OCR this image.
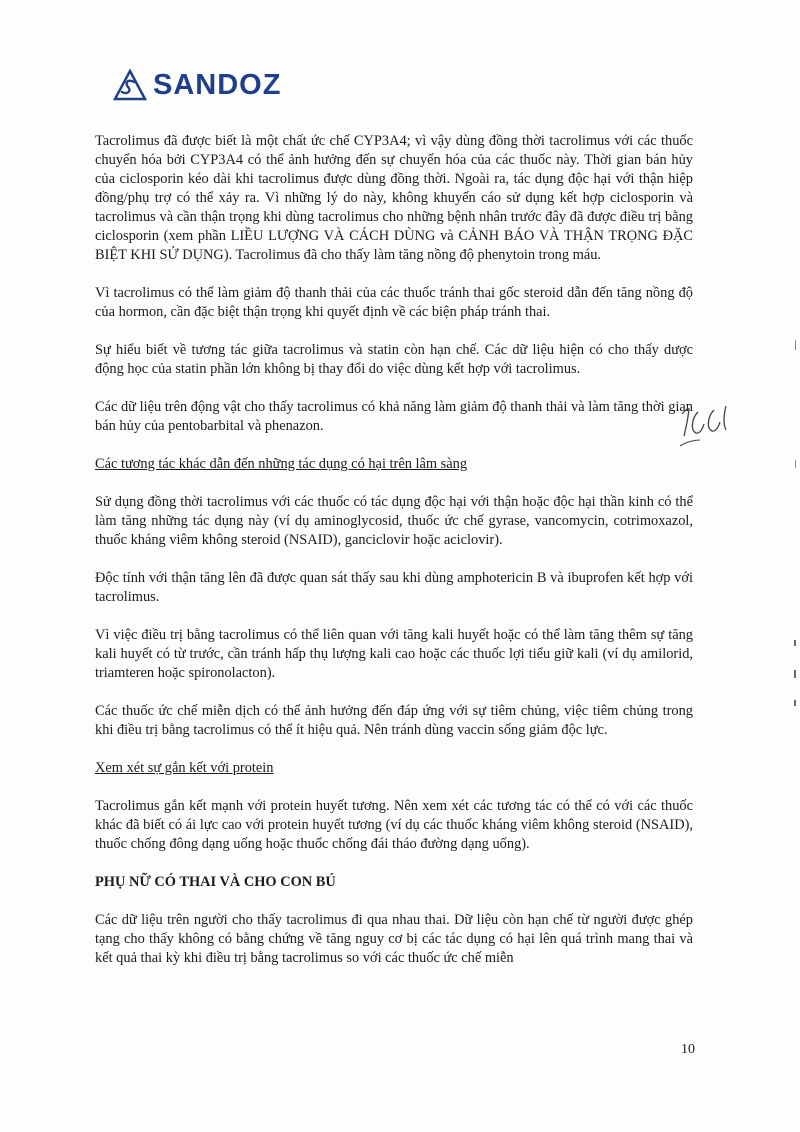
SANDOZ

Tacrolimus đã được biết là một chất ức chế CYP3A4; vì vậy dùng đồng thời tacrolimus với các thuốc chuyển hóa bởi CYP3A4 có thể ảnh hưởng đến sự chuyển hóa của các thuốc này. Thời gian bán hủy của ciclosporin kéo dài khi tacrolimus được dùng đồng thời. Ngoài ra, tác dụng độc hại với thận hiệp đồng/phụ trợ có thể xảy ra. Vì những lý do này, không khuyến cáo sử dụng kết hợp ciclosporin và tacrolimus và cần thận trọng khi dùng tacrolimus cho những bệnh nhân trước đây đã được điều trị bằng ciclosporin (xem phần LIỀU LƯỢNG VÀ CÁCH DÙNG và CẢNH BÁO VÀ THẬN TRỌNG ĐẶC BIỆT KHI SỬ DỤNG). Tacrolimus đã cho thấy làm tăng nồng độ phenytoin trong máu.

Vì tacrolimus có thể làm giảm độ thanh thải của các thuốc tránh thai gốc steroid dẫn đến tăng nồng độ của hormon, cần đặc biệt thận trọng khi quyết định về các biện pháp tránh thai.

Sự hiểu biết về tương tác giữa tacrolimus và statin còn hạn chế. Các dữ liệu hiện có cho thấy dược động học của statin phần lớn không bị thay đổi do việc dùng kết hợp với tacrolimus.

Các dữ liệu trên động vật cho thấy tacrolimus có khả năng làm giảm độ thanh thải và làm tăng thời gian bán hủy của pentobarbital và phenazon.

Các tương tác khác dẫn đến những tác dụng có hại trên lâm sàng

Sử dụng đồng thời tacrolimus với các thuốc có tác dụng độc hại với thận hoặc độc hại thần kinh có thể làm tăng những tác dụng này (ví dụ aminoglycosid, thuốc ức chế gyrase, vancomycin, cotrimoxazol, thuốc kháng viêm không steroid (NSAID), ganciclovir hoặc aciclovir).

Độc tính với thận tăng lên đã được quan sát thấy sau khi dùng amphotericin B và ibuprofen kết hợp với tacrolimus.

Vì việc điều trị bằng tacrolimus có thể liên quan với tăng kali huyết hoặc có thể làm tăng thêm sự tăng kali huyết có từ trước, cần tránh hấp thụ lượng kali cao hoặc các thuốc lợi tiểu giữ kali (ví dụ amilorid, triamteren hoặc spironolacton).

Các thuốc ức chế miễn dịch có thể ảnh hưởng đến đáp ứng với sự tiêm chủng, việc tiêm chủng trong khi điều trị bằng tacrolimus có thể ít hiệu quả. Nên tránh dùng vaccin sống giảm độc lực.

Xem xét sự gắn kết với protein

Tacrolimus gắn kết mạnh với protein huyết tương. Nên xem xét các tương tác có thể có với các thuốc khác đã biết có ái lực cao với protein huyết tương (ví dụ các thuốc kháng viêm không steroid (NSAID), thuốc chống đông dạng uống hoặc thuốc chống đái tháo đường dạng uống).

PHỤ NỮ CÓ THAI VÀ CHO CON BÚ

Các dữ liệu trên người cho thấy tacrolimus đi qua nhau thai. Dữ liệu còn hạn chế từ người được ghép tạng cho thấy không có bằng chứng về tăng nguy cơ bị các tác dụng có hại lên quá trình mang thai và kết quả thai kỳ khi điều trị bằng tacrolimus so với các thuốc ức chế miễn

10
